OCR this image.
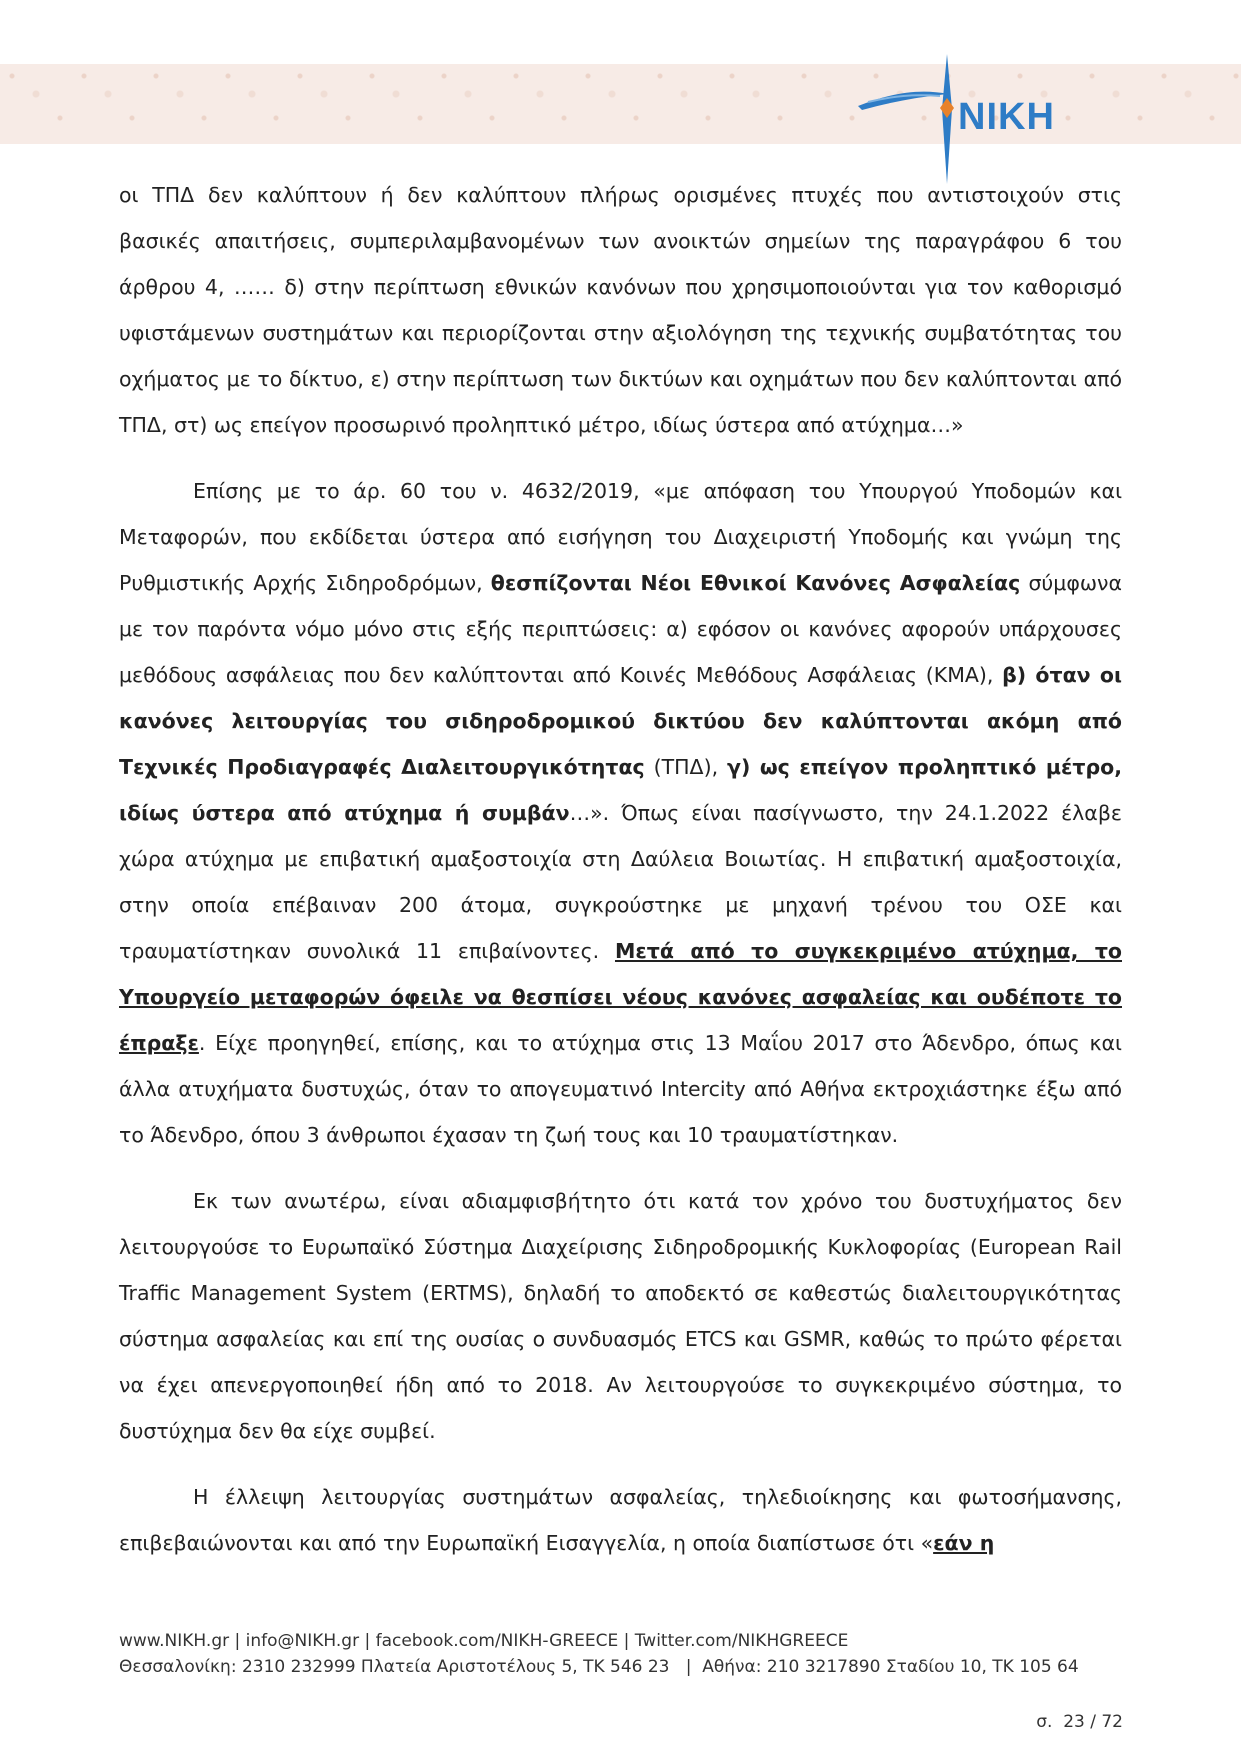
NIKH

οι ΤΠΔ δεν καλύπτουν ή δεν καλύπτουν πλήρως ορισμένες πτυχές που αντιστοιχούν στις βασικές απαιτήσεις, συμπεριλαμβανομένων των ανοικτών σημείων της παραγράφου 6 του άρθρου 4, …… δ) στην περίπτωση εθνικών κανόνων που χρησιμοποιούνται για τον καθορισμό υφιστάμενων συστημάτων και περιορίζονται στην αξιολόγηση της τεχνικής συμβατότητας του οχήματος με το δίκτυο, ε) στην περίπτωση των δικτύων και οχημάτων που δεν καλύπτονται από ΤΠΔ, στ) ως επείγον προσωρινό προληπτικό μέτρο, ιδίως ύστερα από ατύχημα…»

Επίσης με το άρ. 60 του ν. 4632/2019, «με απόφαση του Υπουργού Υποδομών και Μεταφορών, που εκδίδεται ύστερα από εισήγηση του Διαχειριστή Υποδομής και γνώμη της Ρυθμιστικής Αρχής Σιδηροδρόμων, θεσπίζονται Νέοι Εθνικοί Κανόνες Ασφαλείας σύμφωνα με τον παρόντα νόμο μόνο στις εξής περιπτώσεις: α) εφόσον οι κανόνες αφορούν υπάρχουσες μεθόδους ασφάλειας που δεν καλύπτονται από Κοινές Μεθόδους Ασφάλειας (ΚΜΑ), β) όταν οι κανόνες λειτουργίας του σιδηροδρομικού δικτύου δεν καλύπτονται ακόμη από Τεχνικές Προδιαγραφές Διαλειτουργικότητας (ΤΠΔ), γ) ως επείγον προληπτικό μέτρο, ιδίως ύστερα από ατύχημα ή συμβάν…». Όπως είναι πασίγνωστο, την 24.1.2022 έλαβε χώρα ατύχημα με επιβατική αμαξοστοιχία στη Δαύλεια Βοιωτίας. Η επιβατική αμαξοστοιχία, στην οποία επέβαιναν 200 άτομα, συγκρούστηκε με μηχανή τρένου του ΟΣΕ και τραυματίστηκαν συνολικά 11 επιβαίνοντες. Μετά από το συγκεκριμένο ατύχημα, το Υπουργείο μεταφορών όφειλε να θεσπίσει νέους κανόνες ασφαλείας και ουδέποτε το έπραξε. Είχε προηγηθεί, επίσης, και το ατύχημα στις 13 Μαΐου 2017 στο Άδενδρο, όπως και άλλα ατυχήματα δυστυχώς, όταν το απογευματινό Intercity από Αθήνα εκτροχιάστηκε έξω από το Άδενδρο, όπου 3 άνθρωποι έχασαν τη ζωή τους και 10 τραυματίστηκαν.

Εκ των ανωτέρω, είναι αδιαμφισβήτητο ότι κατά τον χρόνο του δυστυχήματος δεν λειτουργούσε το Ευρωπαϊκό Σύστημα Διαχείρισης Σιδηροδρομικής Κυκλοφορίας (European Rail Traffic Management System (ERTMS), δηλαδή το αποδεκτό σε καθεστώς διαλειτουργικότητας σύστημα ασφαλείας και επί της ουσίας ο συνδυασμός ETCS και GSMR, καθώς το πρώτο φέρεται να έχει απενεργοποιηθεί ήδη από το 2018. Αν λειτουργούσε το συγκεκριμένο σύστημα, το δυστύχημα δεν θα είχε συμβεί.

Η έλλειψη λειτουργίας συστημάτων ασφαλείας, τηλεδιοίκησης και φωτοσήμανσης, επιβεβαιώνονται και από την Ευρωπαϊκή Εισαγγελία, η οποία διαπίστωσε ότι «εάν η

www.NIKH.gr | info@NIKH.gr | facebook.com/NIKH-GREECE | Twitter.com/NIKHGREECE
Θεσσαλονίκη: 2310 232999 Πλατεία Αριστοτέλους 5, ΤΚ 546 23   |  Αθήνα: 210 3217890 Σταδίου 10, ΤΚ 105 64
σ.  23 / 72
